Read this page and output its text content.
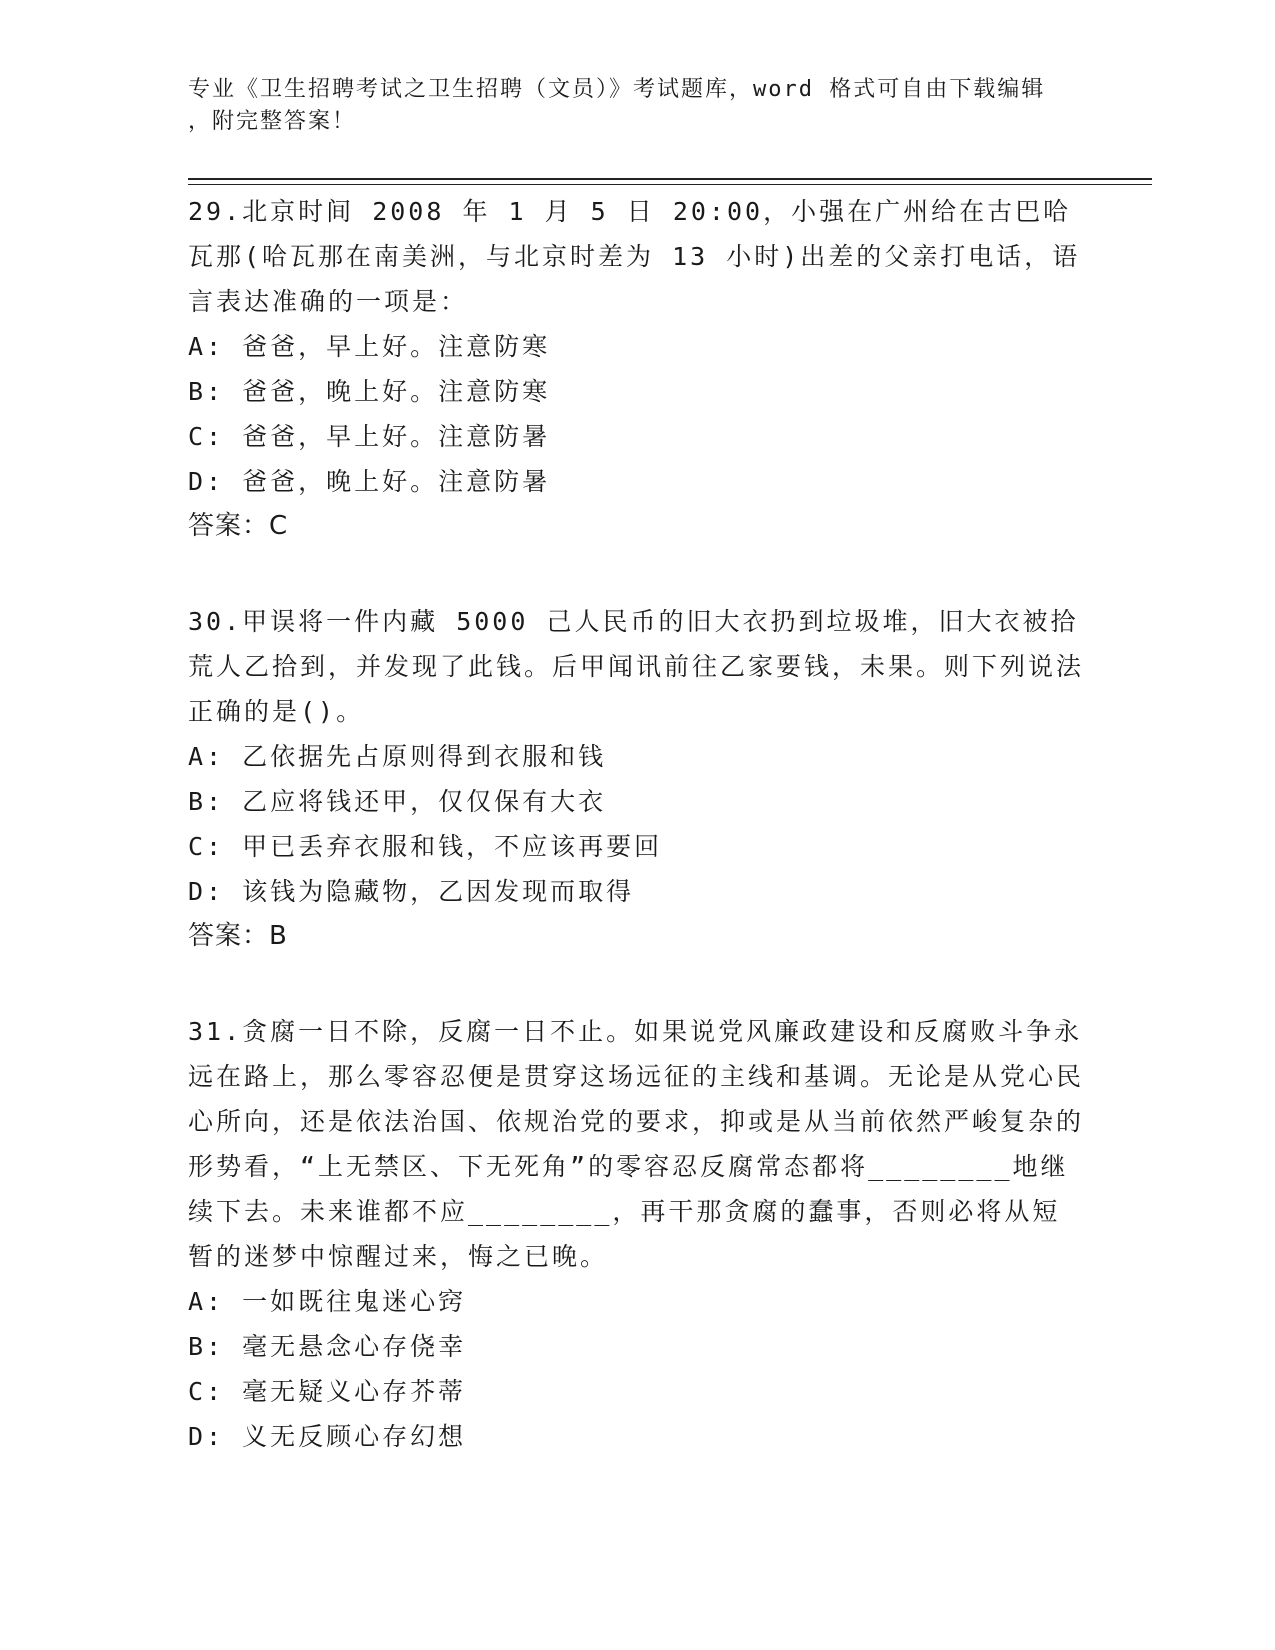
专业《卫生招聘考试之卫生招聘（文员）》考试题库，word 格式可自由下载编辑
，附完整答案！
29.北京时间 2008 年 1 月 5 日 20:00，小强在广州给在古巴哈瓦那(哈瓦那在南美洲，与北京时差为 13 小时)出差的父亲打电话，语言表达准确的一项是：
A: 爸爸，早上好。注意防寒
B: 爸爸，晚上好。注意防寒
C: 爸爸，早上好。注意防暑
D: 爸爸，晚上好。注意防暑
答案：C
30.甲误将一件内藏 5000 己人民币的旧大衣扔到垃圾堆，旧大衣被拾荒人乙拾到，并发现了此钱。后甲闻讯前往乙家要钱，未果。则下列说法正确的是()。
A: 乙依据先占原则得到衣服和钱
B: 乙应将钱还甲，仅仅保有大衣
C: 甲已丢弃衣服和钱，不应该再要回
D: 该钱为隐藏物，乙因发现而取得
答案：B
31.贪腐一日不除，反腐一日不止。如果说党风廉政建设和反腐败斗争永远在路上，那么零容忍便是贯穿这场远征的主线和基调。无论是从党心民心所向，还是依法治国、依规治党的要求，抑或是从当前依然严峻复杂的形势看，“上无禁区、下无死角”的零容忍反腐常态都将________地继续下去。未来谁都不应________，再干那贪腐的蠢事，否则必将从短暂的迷梦中惊醒过来，悔之已晚。
A: 一如既往鬼迷心窍
B: 毫无悬念心存侥幸
C: 毫无疑义心存芥蒂
D: 义无反顾心存幻想
